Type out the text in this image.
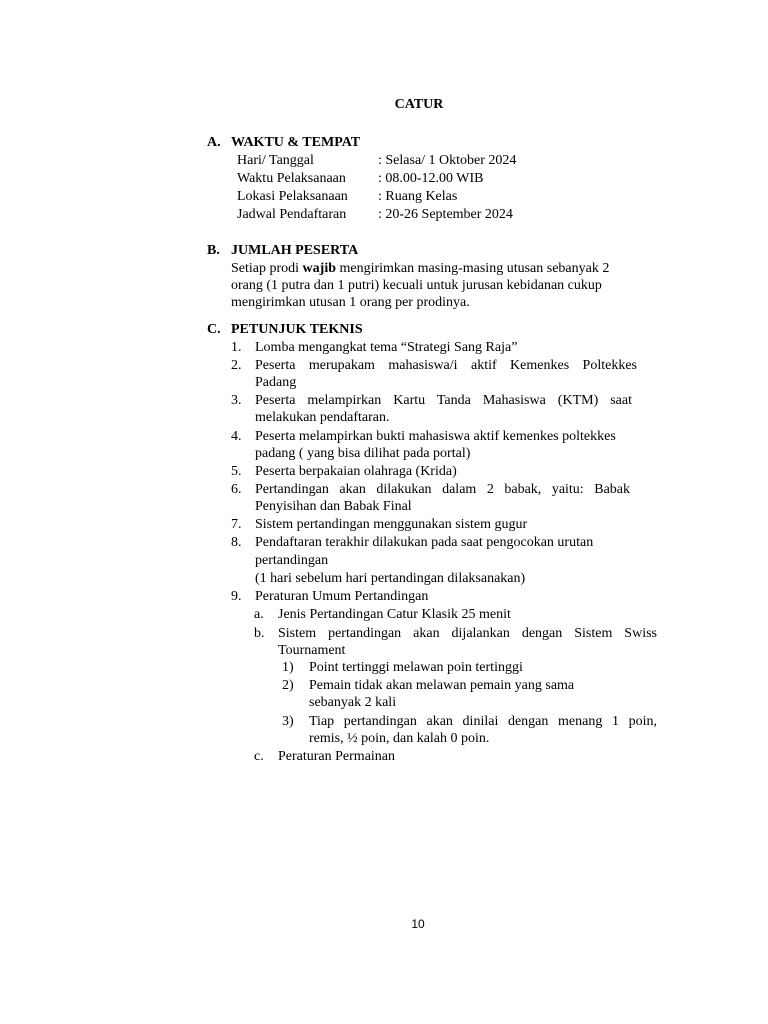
CATUR
A. WAKTU & TEMPAT
Hari/ Tanggal	: Selasa/ 1 Oktober 2024
Waktu Pelaksanaan : 08.00-12.00 WIB
Lokasi Pelaksanaan : Ruang Kelas
Jadwal Pendaftaran : 20-26 September 2024
B. JUMLAH PESERTA
Setiap prodi wajib mengirimkan masing-masing utusan sebanyak 2
orang (1 putra dan 1 putri) kecuali untuk jurusan kebidanan cukup
mengirimkan utusan 1 orang per prodinya.
C. PETUNJUK TEKNIS
1. Lomba mengangkat tema “Strategi Sang Raja”
2. Peserta merupakam mahasiswa/i aktif Kemenkes Poltekkes
Padang
3. Peserta melampirkan Kartu Tanda Mahasiswa (KTM) saat
melakukan pendaftaran.
4. Peserta melampirkan bukti mahasiswa aktif kemenkes poltekkes
padang ( yang bisa dilihat pada portal)
5. Peserta berpakaian olahraga (Krida)
6. Pertandingan akan dilakukan dalam 2 babak, yaitu: Babak
Penyisihan dan Babak Final
7. Sistem pertandingan menggunakan sistem gugur
8. Pendaftaran terakhir dilakukan pada saat pengocokan urutan
pertandingan
(1 hari sebelum hari pertandingan dilaksanakan)
9. Peraturan Umum Pertandingan
a. Jenis Pertandingan Catur Klasik 25 menit
b. Sistem pertandingan akan dijalankan dengan Sistem Swiss
Tournament
1) Point tertinggi melawan poin tertinggi
2) Pemain tidak akan melawan pemain yang sama
sebanyak 2 kali
3) Tiap pertandingan akan dinilai dengan menang 1 poin,
remis, ½ poin, dan kalah 0 poin.
c. Peraturan Permainan
10
